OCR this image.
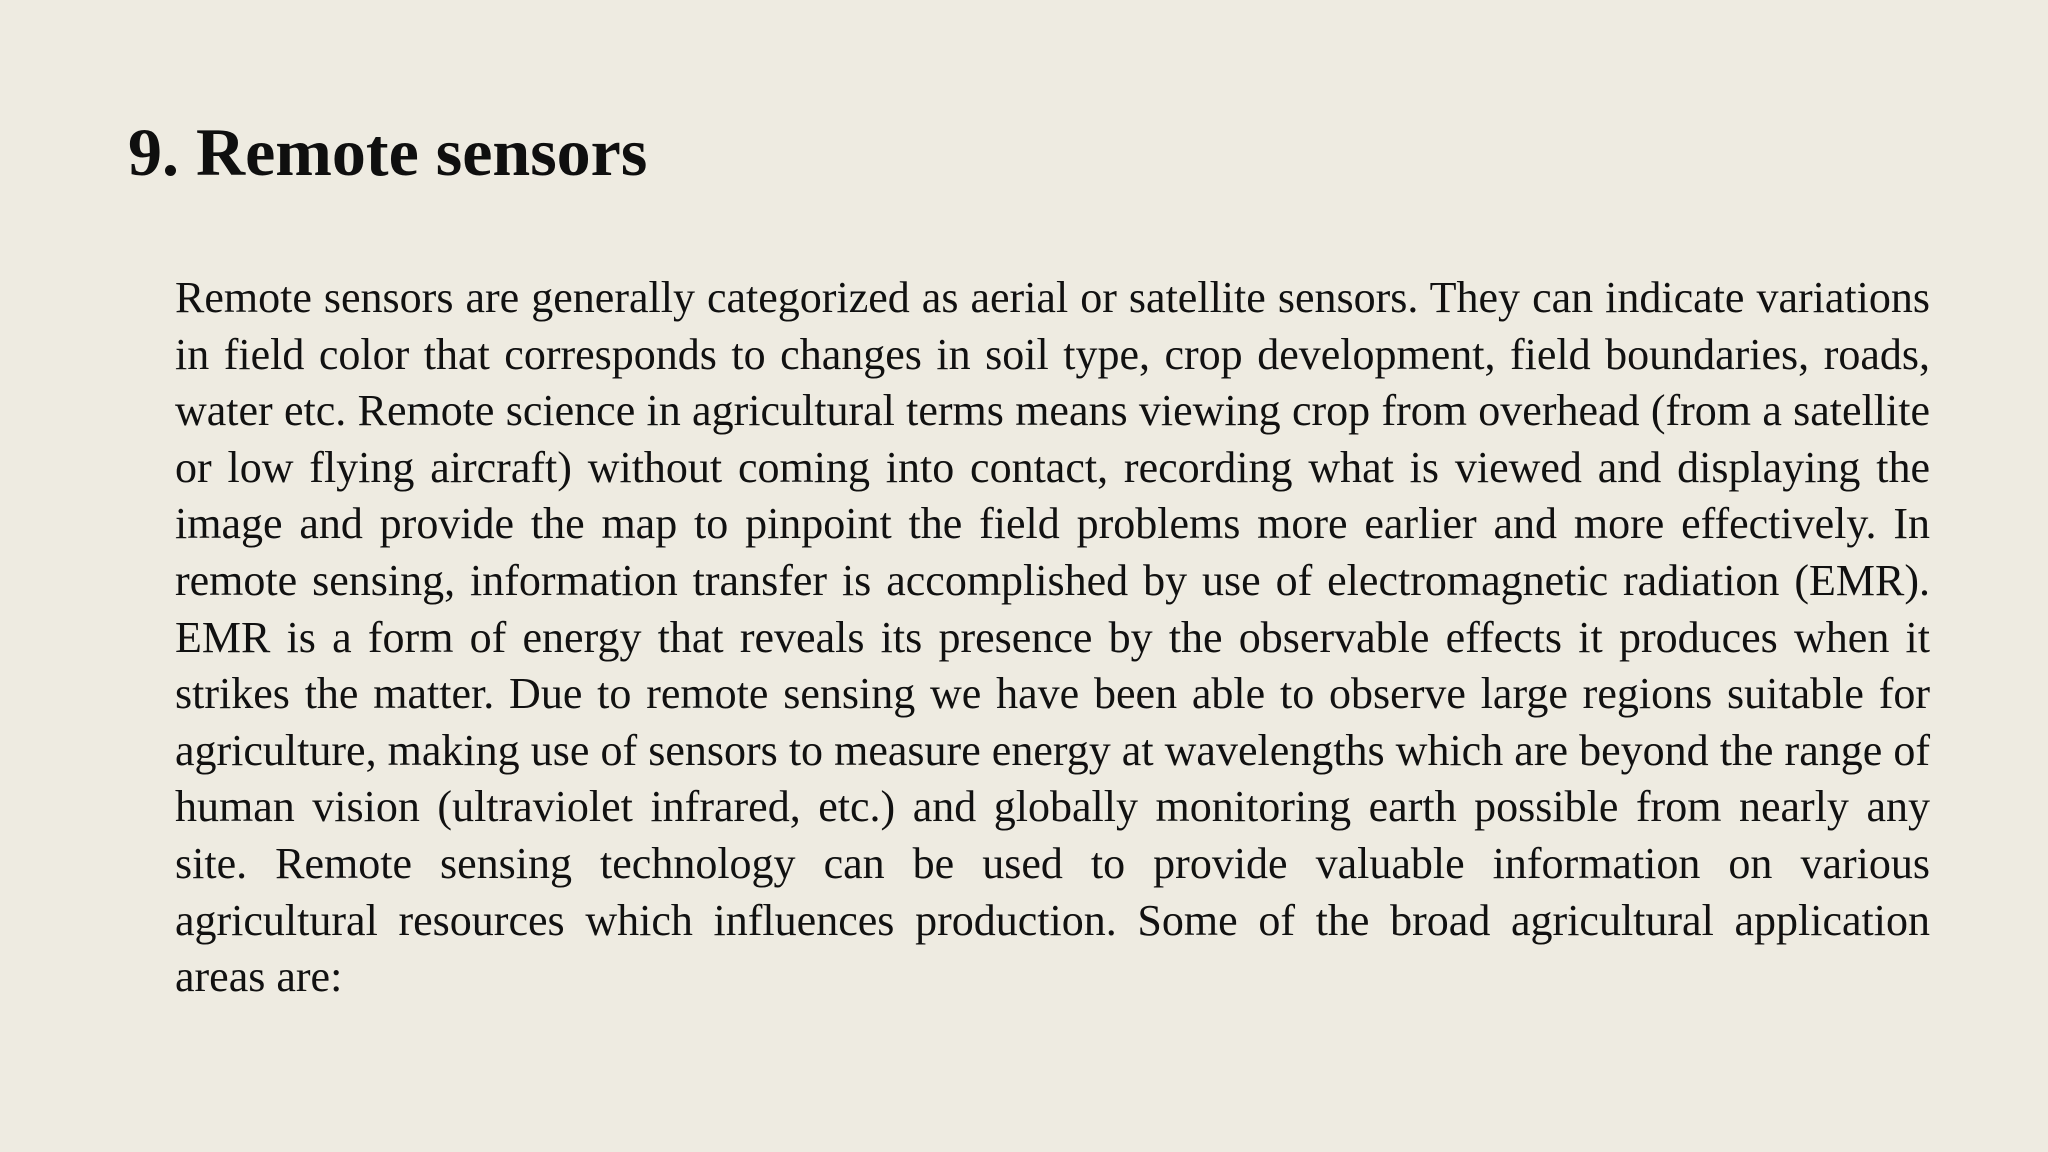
9. Remote sensors

Remote sensors are generally categorized as aerial or satellite sensors. They can indicate variations in field color that corresponds to changes in soil type, crop development, field boundaries, roads, water etc. Remote science in agricultural terms means viewing crop from overhead (from a satellite or low flying aircraft) without coming into contact, recording what is viewed and displaying the image and provide the map to pinpoint the field problems more earlier and more effectively. In remote sensing, information transfer is accomplished by use of electromagnetic radiation (EMR). EMR is a form of energy that reveals its presence by the observable effects it produces when it strikes the matter. Due to remote sensing we have been able to observe large regions suitable for agriculture, making use of sensors to measure energy at wavelengths which are beyond the range of human vision (ultraviolet infrared, etc.) and globally monitoring earth possible from nearly any site. Remote sensing technology can be used to provide valuable information on various agricultural resources which influences production. Some of the broad agricultural application areas are:
